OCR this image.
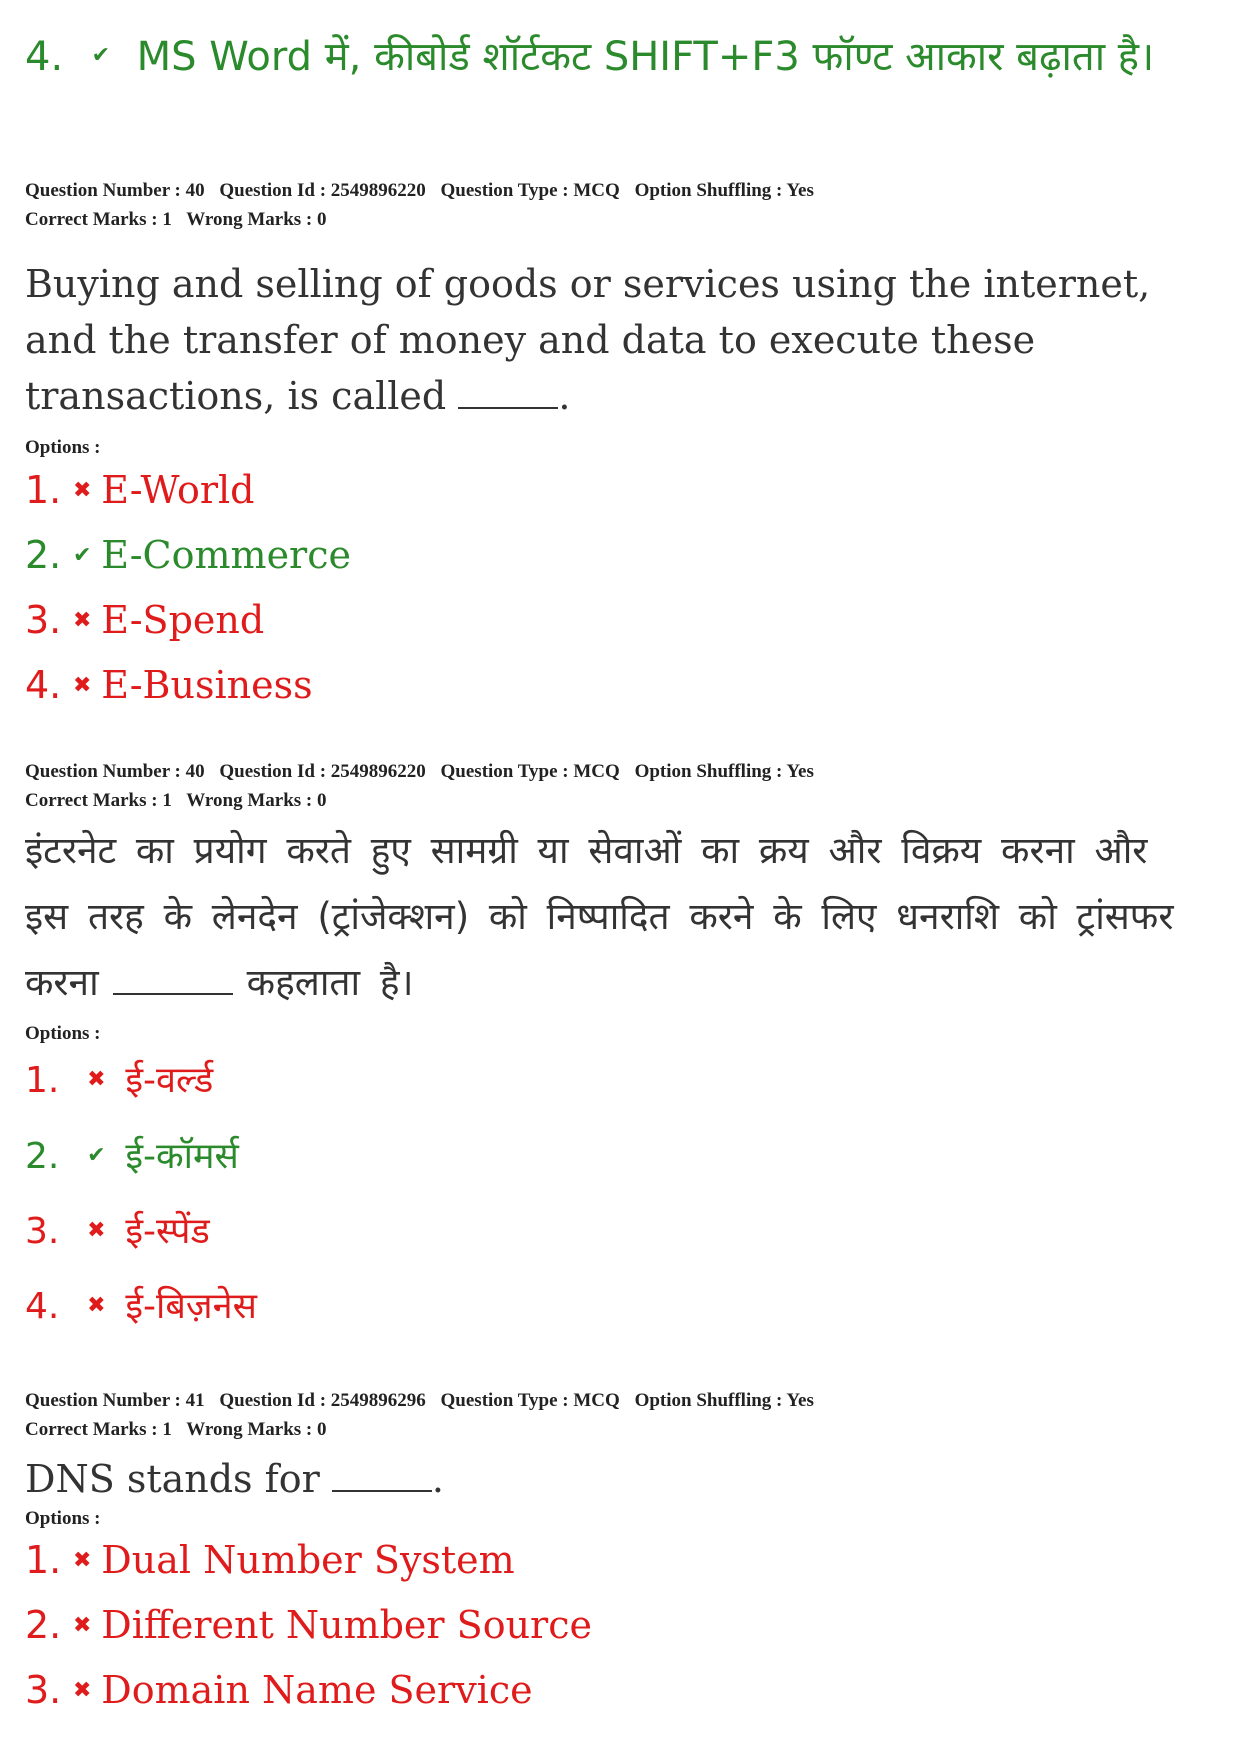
4. ✔ MS Word में, कीबोर्ड शॉर्टकट SHIFT+F3 फॉण्ट आकार बढ़ाता है।
Question Number : 40 Question Id : 2549896220 Question Type : MCQ Option Shuffling : Yes
Correct Marks : 1 Wrong Marks : 0
Buying and selling of goods or services using the internet, and the transfer of money and data to execute these transactions, is called	.
Options :
1. ✖ E-World
2. ✔ E-Commerce
3. ✖ E-Spend
4. ✖ E-Business
Question Number : 40 Question Id : 2549896220 Question Type : MCQ Option Shuffling : Yes
Correct Marks : 1 Wrong Marks : 0
इंटरनेट का प्रयोग करते हुए सामग्री या सेवाओं का क्रय और विक्रय करना और इस तरह के लेनदेन (ट्रांजेक्शन) को निष्पादित करने के लिए धनराशि को ट्रांसफर करना	कहलाता है।
Options :
1. ✖ ई-वर्ल्ड
2. ✔ ई-कॉमर्स
3. ✖ ई-स्पेंड
4. ✖ ई-बिज़नेस
Question Number : 41 Question Id : 2549896296 Question Type : MCQ Option Shuffling : Yes
Correct Marks : 1 Wrong Marks : 0
DNS stands for	.
Options :
1. ✖ Dual Number System
2. ✖ Different Number Source
3. ✖ Domain Name Service
